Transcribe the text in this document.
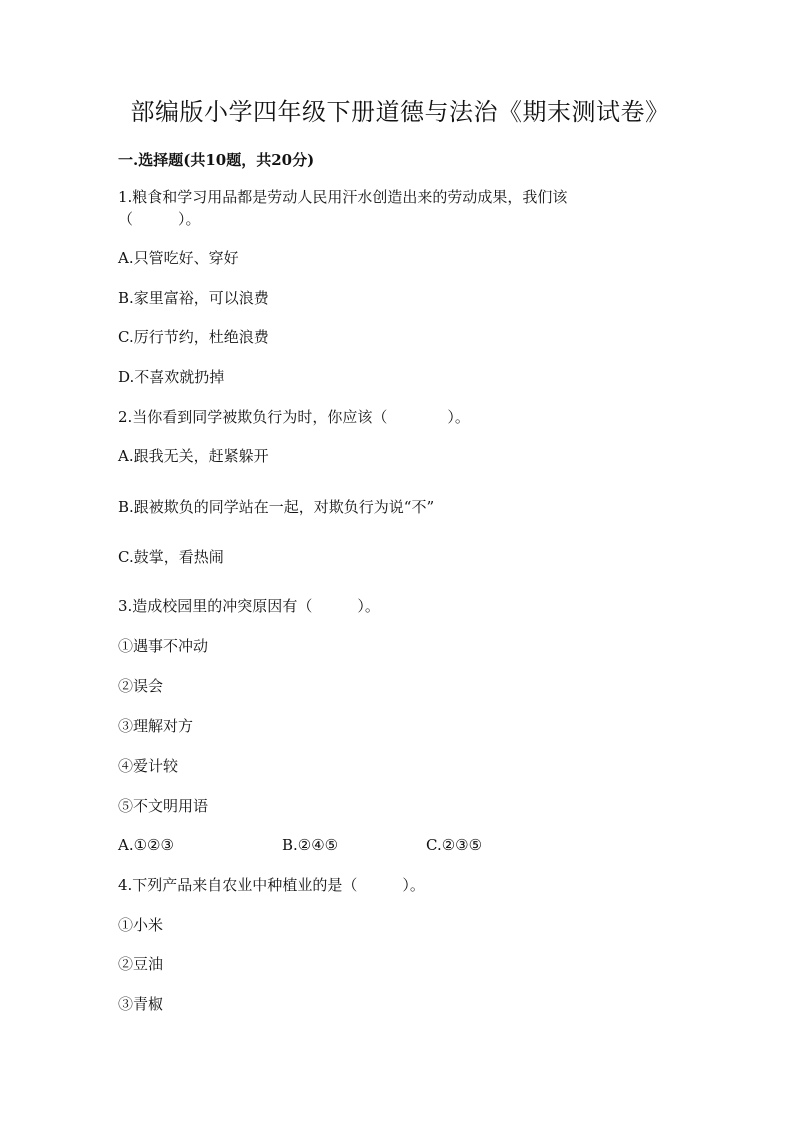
部编版小学四年级下册道德与法治《期末测试卷》
一.选择题(共10题，共20分)
1.粮食和学习用品都是劳动人民用汗水创造出来的劳动成果，我们该
（　　　）。
A.只管吃好、穿好
B.家里富裕，可以浪费
C.厉行节约，杜绝浪费
D.不喜欢就扔掉
2.当你看到同学被欺负行为时，你应该（　　　　）。
A.跟我无关，赶紧躲开
B.跟被欺负的同学站在一起，对欺负行为说“不”
C.鼓掌，看热闹
3.造成校园里的冲突原因有（　　　）。
①遇事不冲动
②误会
③理解对方
④爱计较
⑤不文明用语
A.①②③	B.②④⑤	C.②③⑤
4.下列产品来自农业中种植业的是（　　　）。
①小米
②豆油
③青椒
